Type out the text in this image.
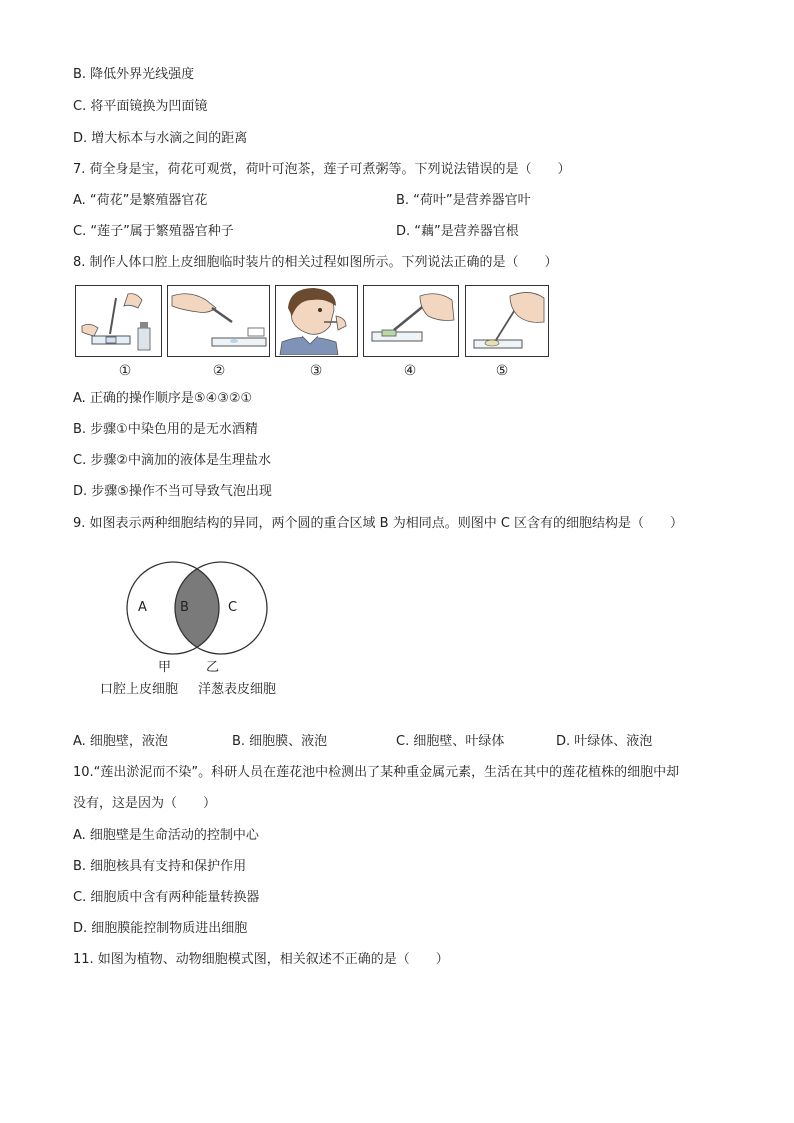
B. 降低外界光线强度
C. 将平面镜换为凹面镜
D. 增大标本与水滴之间的距离
7. 荷全身是宝，荷花可观赏，荷叶可泡茶，莲子可煮粥等。下列说法错误的是（　　）
A. “荷花”是繁殖器官花	B. “荷叶”是营养器官叶
C. “莲子”属于繁殖器官种子	D. “藕”是营养器官根
8. 制作人体口腔上皮细胞临时装片的相关过程如图所示。下列说法正确的是（　　）
①	②	③	④	⑤
A. 正确的操作顺序是⑤④③②①
B. 步骤①中染色用的是无水酒精
C. 步骤②中滴加的液体是生理盐水
D. 步骤⑤操作不当可导致气泡出现
9. 如图表示两种细胞结构的异同，两个圆的重合区域 B 为相同点。则图中 C 区含有的细胞结构是（　　）
A	B	C
甲	乙
口腔上皮细胞 洋葱表皮细胞
A. 细胞壁，液泡	B. 细胞膜、液泡	C. 细胞壁、叶绿体	D. 叶绿体、液泡
10.“莲出淤泥而不染”。科研人员在莲花池中检测出了某种重金属元素，生活在其中的莲花植株的细胞中却
没有，这是因为（　　）
A. 细胞壁是生命活动的控制中心
B. 细胞核具有支持和保护作用
C. 细胞质中含有两种能量转换器
D. 细胞膜能控制物质进出细胞
11. 如图为植物、动物细胞模式图，相关叙述不正确的是（　　）
